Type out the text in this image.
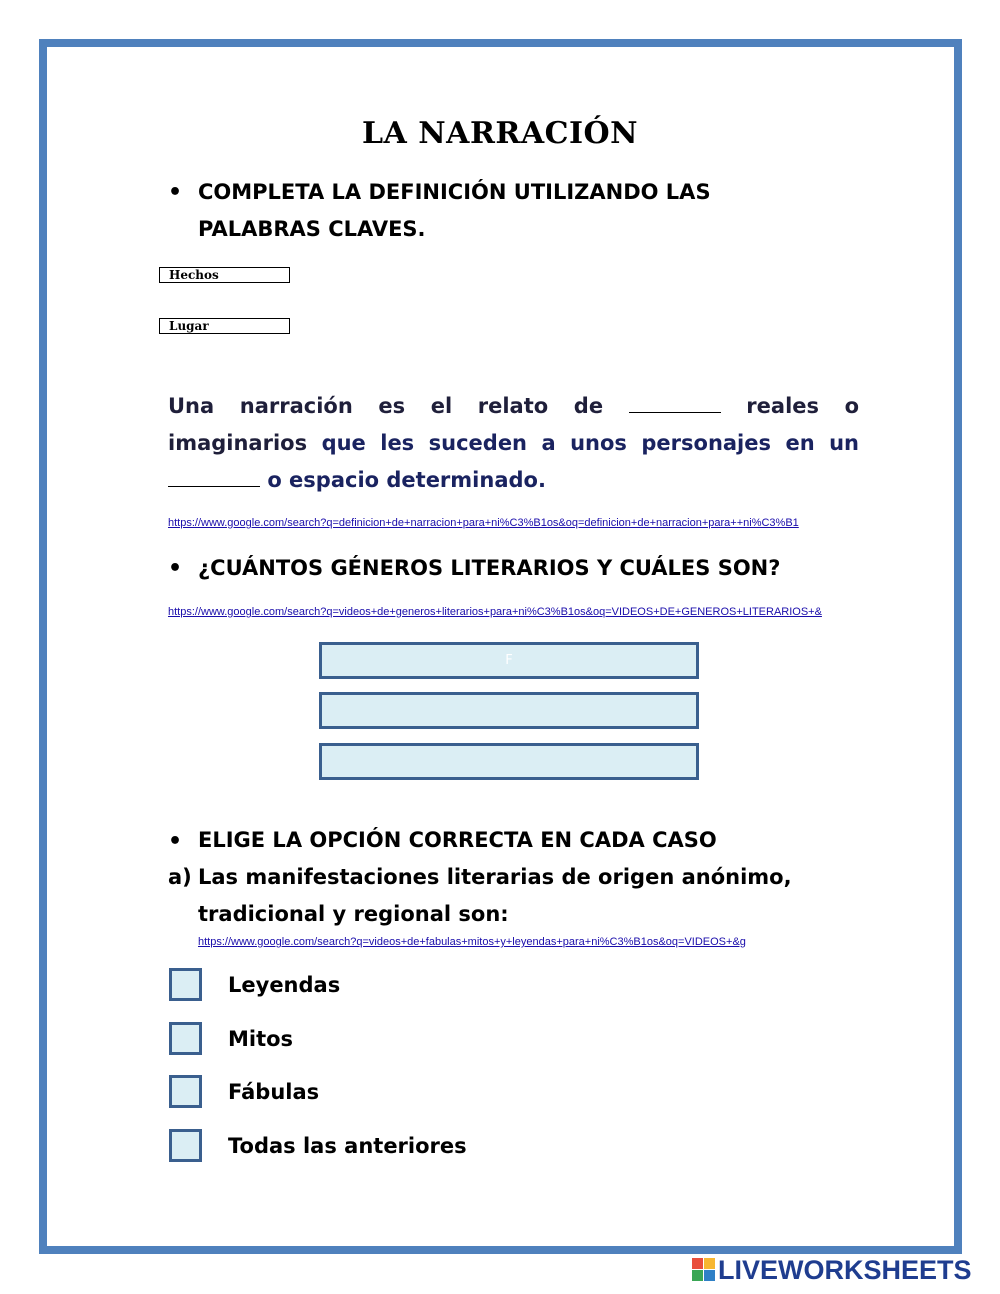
LA NARRACIÓN
• COMPLETA LA DEFINICIÓN UTILIZANDO LAS
PALABRAS CLAVES.
Hechos
Lugar
Una narración es el relato de	reales o imaginarios que les suceden a unos personajes en un  o espacio determinado.
https://www.google.com/search?q=definicion+de+narracion+para+ni%C3%B1os&oq=definicion+de+narracion+para++ni%C3%B1
• ¿CUÁNTOS GÉNEROS LITERARIOS Y CUÁLES SON?
https://www.google.com/search?q=videos+de+generos+literarios+para+ni%C3%B1os&oq=VIDEOS+DE+GENEROS+LITERARIOS+&
F
• ELIGE LA OPCIÓN CORRECTA EN CADA CASO
a) Las manifestaciones literarias de origen anónimo,
tradicional y regional son:
https://www.google.com/search?q=videos+de+fabulas+mitos+y+leyendas+para+ni%C3%B1os&oq=VIDEOS+&g
Leyendas
Mitos
Fábulas
Todas las anteriores
LIVEWORKSHEETS
